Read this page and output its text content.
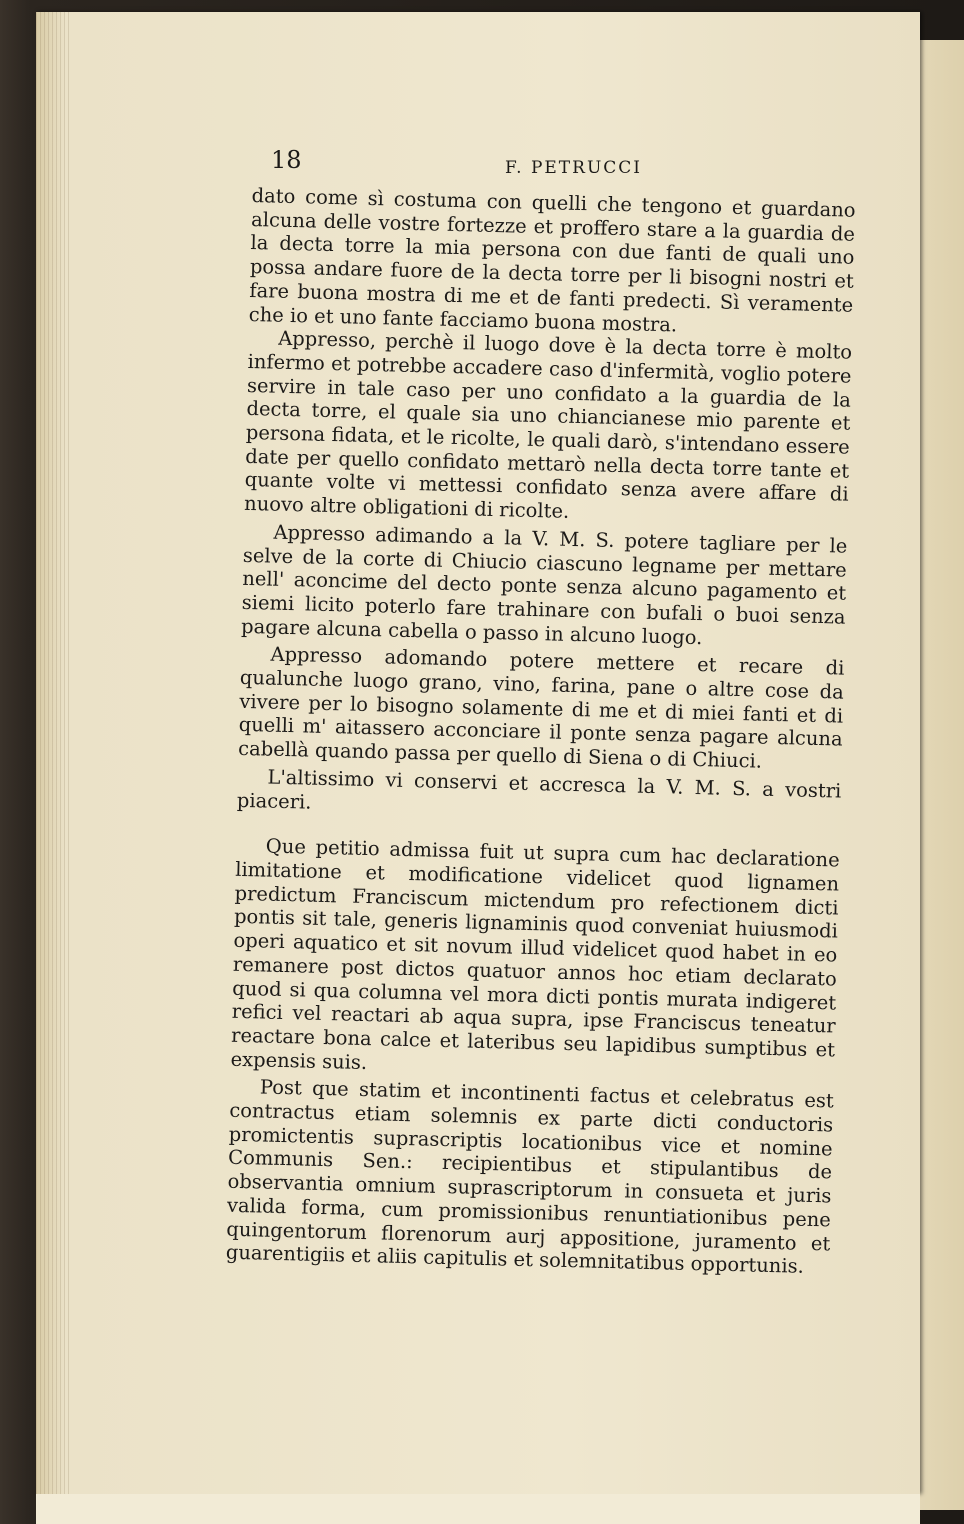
18	F. PETRUCCI

dato come sì costuma con quelli che tengono et guardano alcuna delle vostre fortezze et proffero stare a la guardia de la decta torre la mia persona con due fanti de quali uno possa andare fuore de la decta torre per li bisogni nostri et fare buona mostra di me et de fanti predecti. Sì veramente che io et uno fante facciamo buona mostra.

Appresso, perchè il luogo dove è la decta torre è molto infermo et potrebbe accadere caso d'infermità, voglio potere servire in tale caso per uno confidato a la guardia de la decta torre, el quale sia uno chiancianese mio parente et persona fidata, et le ricolte, le quali darò, s'intendano essere date per quello confidato mettarò nella decta torre tante et quante volte vi mettessi confidato senza avere affare di nuovo altre obligationi di ricolte.

Appresso adimando a la V. M. S. potere tagliare per le selve de la corte di Chiucio ciascuno legname per mettare nell' aconcime del decto ponte senza alcuno pagamento et siemi licito poterlo fare trahinare con bufali o buoi senza pagare alcuna cabella o passo in alcuno luogo.

Appresso adomando potere mettere et recare di qualunche luogo grano, vino, farina, pane o altre cose da vivere per lo bisogno solamente di me et di miei fanti et di quelli m' aitassero acconciare il ponte senza pagare alcuna cabellà quando passa per quello di Siena o di Chiuci.

L'altissimo vi conservi et accresca la V. M. S. a vostri piaceri.

Que petitio admissa fuit ut supra cum hac declaratione limitatione et modificatione videlicet quod lignamen predictum Franciscum mictendum pro refectionem dicti pontis sit tale, generis lignaminis quod conveniat huiusmodi operi aquatico et sit novum illud videlicet quod habet in eo remanere post dictos quatuor annos hoc etiam declarato quod si qua columna vel mora dicti pontis murata indigeret refici vel reactari ab aqua supra, ipse Franciscus teneatur reactare bona calce et lateribus seu lapidibus sumptibus et expensis suis.

Post que statim et incontinenti factus et celebratus est contractus etiam solemnis ex parte dicti conductoris promictentis suprascriptis locationibus vice et nomine Communis Sen.: recipientibus et stipulantibus de observantia omnium suprascriptorum in consueta et juris valida forma, cum promissionibus renuntiationibus pene quingentorum florenorum aurj appositione, juramento et guarentigiis et aliis capitulis et solemnitatibus opportunis.
